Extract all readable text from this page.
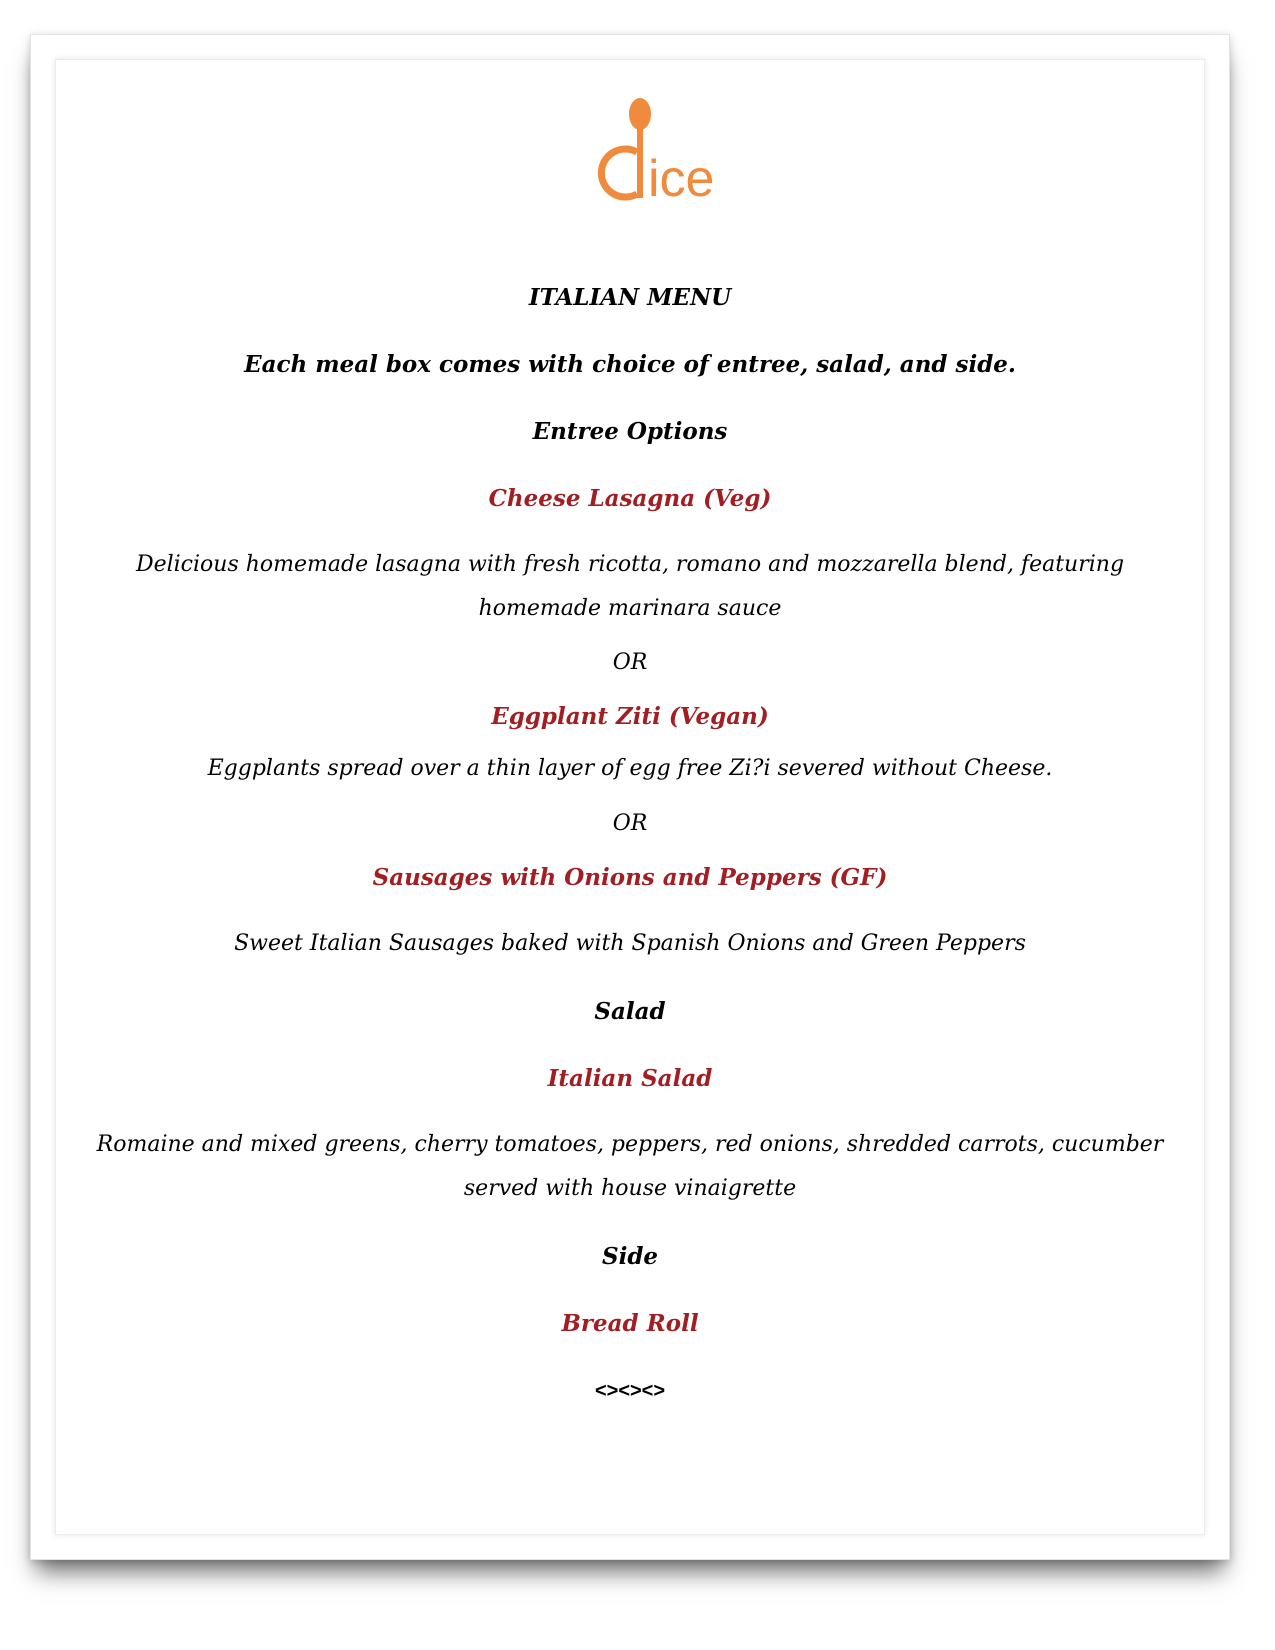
ice
ITALIAN MENU
Each meal box comes with choice of entree, salad, and side.
Entree Options
Cheese Lasagna (Veg)
Delicious homemade lasagna with fresh ricotta, romano and mozzarella blend, featuring
homemade marinara sauce
OR
Eggplant Ziti (Vegan)
Eggplants spread over a thin layer of egg free Zi?i severed without Cheese.
OR
Sausages with Onions and Peppers (GF)
Sweet Italian Sausages baked with Spanish Onions and Green Peppers
Salad
Italian Salad
Romaine and mixed greens, cherry tomatoes, peppers, red onions, shredded carrots, cucumber
served with house vinaigrette
Side
Bread Roll
<><><>
